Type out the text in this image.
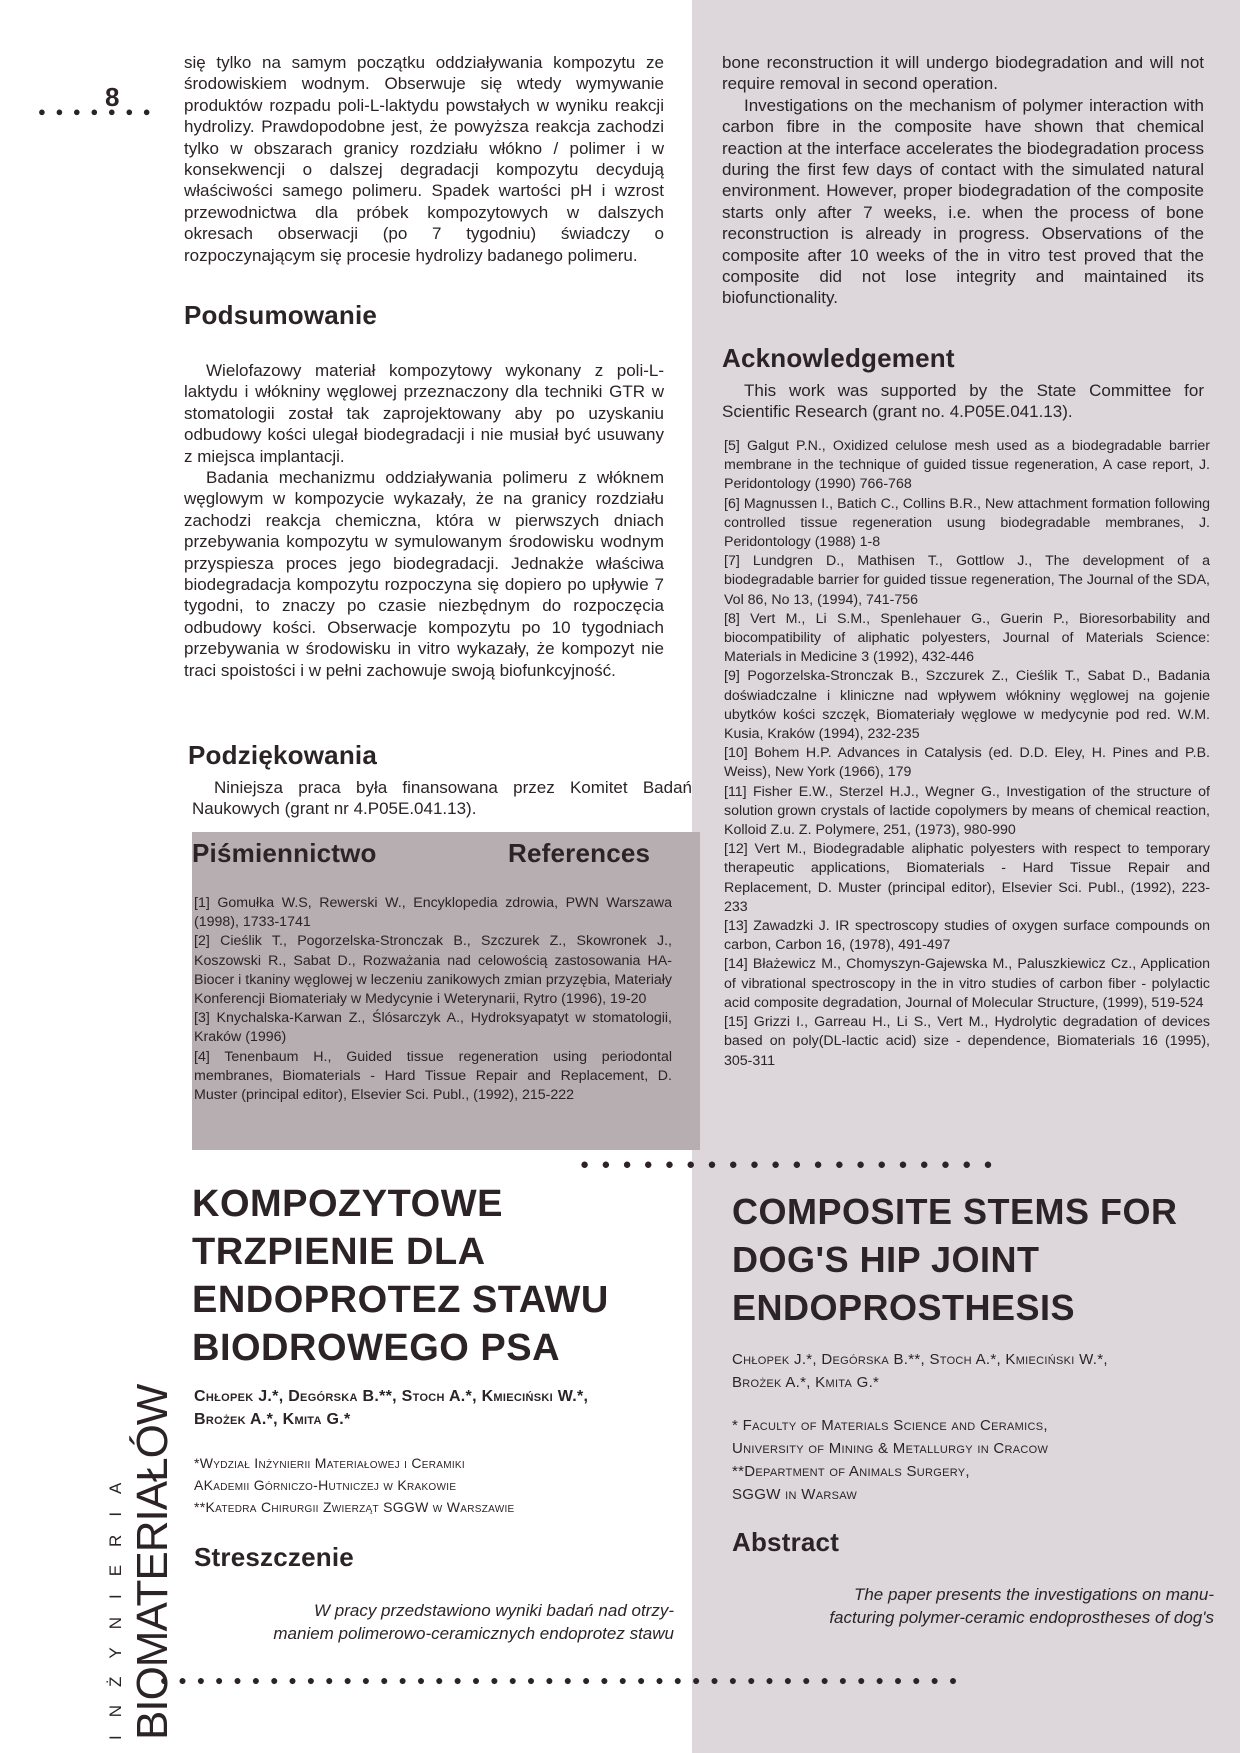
8
● ● ● ● ● ● ●

się tylko na samym początku oddziaływania kompozytu ze środowiskiem wodnym. Obserwuje się wtedy wymywanie produktów rozpadu poli-L-laktydu powstałych w wyniku reakcji hydrolizy. Prawdopodobne jest, że powyższa reakcja zachodzi tylko w obszarach granicy rozdziału włókno / polimer i w konsekwencji o dalszej degradacji kompozytu decydują właściwości samego polimeru. Spadek wartości pH i wzrost przewodnictwa dla próbek kompozytowych w dalszych okresach obserwacji (po 7 tygodniu) świadczy o rozpoczynającym się procesie hydrolizy badanego polimeru.

Podsumowanie

Wielofazowy materiał kompozytowy wykonany z poli-L-laktydu i włókniny węglowej przeznaczony dla techniki GTR w stomatologii został tak zaprojektowany aby po uzyskaniu odbudowy kości ulegał biodegradacji i nie musiał być usuwany z miejsca implantacji.

Badania mechanizmu oddziaływania polimeru z włóknem węglowym w kompozycie wykazały, że na granicy rozdziału zachodzi reakcja chemiczna, która w pierwszych dniach przebywania kompozytu w symulowanym środowisku wodnym przyspiesza proces jego biodegradacji. Jednakże właściwa biodegradacja kompozytu rozpoczyna się dopiero po upływie 7 tygodni, to znaczy po czasie niezbędnym do rozpoczęcia odbudowy kości. Obserwacje kompozytu po 10 tygodniach przebywania w środowisku in vitro wykazały, że kompozyt nie traci spoistości i w pełni zachowuje swoją biofunkcyjność.

Podziękowania

Niniejsza praca była finansowana przez Komitet Badań Naukowych (grant nr 4.P05E.041.13).

Piśmiennictwo	References
[1] Gomułka W.S, Rewerski W., Encyklopedia zdrowia, PWN Warszawa (1998), 1733-1741
[2] Cieślik T., Pogorzelska-Stronczak B., Szczurek Z., Skowronek J., Koszowski R., Sabat D., Rozważania nad celowością zastosowania HA-Biocer i tkaniny węglowej w leczeniu zanikowych zmian przyzębia, Materiały Konferencji Biomateriały w Medycynie i Weterynarii, Rytro (1996), 19-20
[3] Knychalska-Karwan Z., Ślósarczyk A., Hydroksyapatyt w stomatologii, Kraków (1996)
[4] Tenenbaum H., Guided tissue regeneration using periodontal membranes, Biomaterials - Hard Tissue Repair and Replacement, D. Muster (principal editor), Elsevier Sci. Publ., (1992), 215-222

bone reconstruction it will undergo biodegradation and will not require removal in second operation.

Investigations on the mechanism of polymer interaction with carbon fibre in the composite have shown that chemical reaction at the interface accelerates the biodegradation process during the first few days of contact with the simulated natural environment. However, proper biodegradation of the composite starts only after 7 weeks, i.e. when the process of bone reconstruction is already in progress. Observations of the composite after 10 weeks of the in vitro test proved that the composite did not lose integrity and maintained its biofunctionality.

Acknowledgement

This work was supported by the State Committee for Scientific Research (grant no. 4.P05E.041.13).

[5] Galgut P.N., Oxidized celulose mesh used as a biodegradable barrier membrane in the technique of guided tissue regeneration, A case report, J. Peridontology (1990) 766-768
[6] Magnussen I., Batich C., Collins B.R., New attachment formation following controlled tissue regeneration usung biodegradable membranes, J. Peridontology (1988) 1-8
[7] Lundgren D., Mathisen T., Gottlow J., The development of a biodegradable barrier for guided tissue regeneration, The Journal of the SDA, Vol 86, No 13, (1994), 741-756
[8] Vert M., Li S.M., Spenlehauer G., Guerin P., Bioresorbability and biocompatibility of aliphatic polyesters, Journal of Materials Science: Materials in Medicine 3 (1992), 432-446
[9] Pogorzelska-Stronczak B., Szczurek Z., Cieślik T., Sabat D., Badania doświadczalne i kliniczne nad wpływem włókniny węglowej na gojenie ubytków kości szczęk, Biomateriały węglowe w medycynie pod red. W.M. Kusia, Kraków (1994), 232-235
[10] Bohem H.P. Advances in Catalysis (ed. D.D. Eley, H. Pines and P.B. Weiss), New York (1966), 179
[11] Fisher E.W., Sterzel H.J., Wegner G., Investigation of the structure of solution grown crystals of lactide copolymers by means of chemical reaction, Kolloid Z.u. Z. Polymere, 251, (1973), 980-990
[12] Vert M., Biodegradable aliphatic polyesters with respect to temporary therapeutic applications, Biomaterials - Hard Tissue Repair and Replacement, D. Muster (principal editor), Elsevier Sci. Publ., (1992), 223-233
[13] Zawadzki J. IR spectroscopy studies of oxygen surface compounds on carbon, Carbon 16, (1978), 491-497
[14] Błażewicz M., Chomyszyn-Gajewska M., Paluszkiewicz Cz., Application of vibrational spectroscopy in the in vitro studies of carbon fiber - polylactic acid composite degradation, Journal of Molecular Structure, (1999), 519-524
[15] Grizzi I., Garreau H., Li S., Vert M., Hydrolytic degradation of devices based on poly(DL-lactic acid) size - dependence, Biomaterials 16 (1995), 305-311
● ● ● ● ● ● ● ● ● ● ● ● ● ● ● ● ● ● ● ●
KOMPOZYTOWE
TRZPIENIE DLA
ENDOPROTEZ STAWU
BIODROWEGO PSA
Chłopek J.*, Degórska B.**, Stoch A.*, Kmieciński W.*,
Brożek A.*, Kmita G.*
*Wydział Inżynierii Materiałowej i Ceramiki
AKademii Górniczo-Hutniczej w Krakowie
**Katedra Chirurgii Zwierząt SGGW w Warszawie
Streszczenie
W pracy przedstawiono wyniki badań nad otrzy-
maniem polimerowo-ceramicznych endoprotez stawu
COMPOSITE STEMS FOR
DOG'S HIP JOINT
ENDOPROSTHESIS
Chłopek J.*, Degórska B.**, Stoch A.*, Kmieciński W.*,
Brożek A.*, Kmita G.*
* Faculty of Materials Science and Ceramics,
University of Mining & Metallurgy in Cracow
**Department of Animals Surgery,
SGGW in Warsaw
Abstract
The paper presents the investigations on manu-
facturing polymer-ceramic endoprostheses of dog's
● ● ● ● ● ● ● ● ● ● ● ● ● ● ● ● ● ● ● ● ● ● ● ● ● ● ● ● ● ● ● ● ● ● ● ● ● ● ● ● ● ● ● ●
INŻYNIERIA BIOMATERIAŁÓW
